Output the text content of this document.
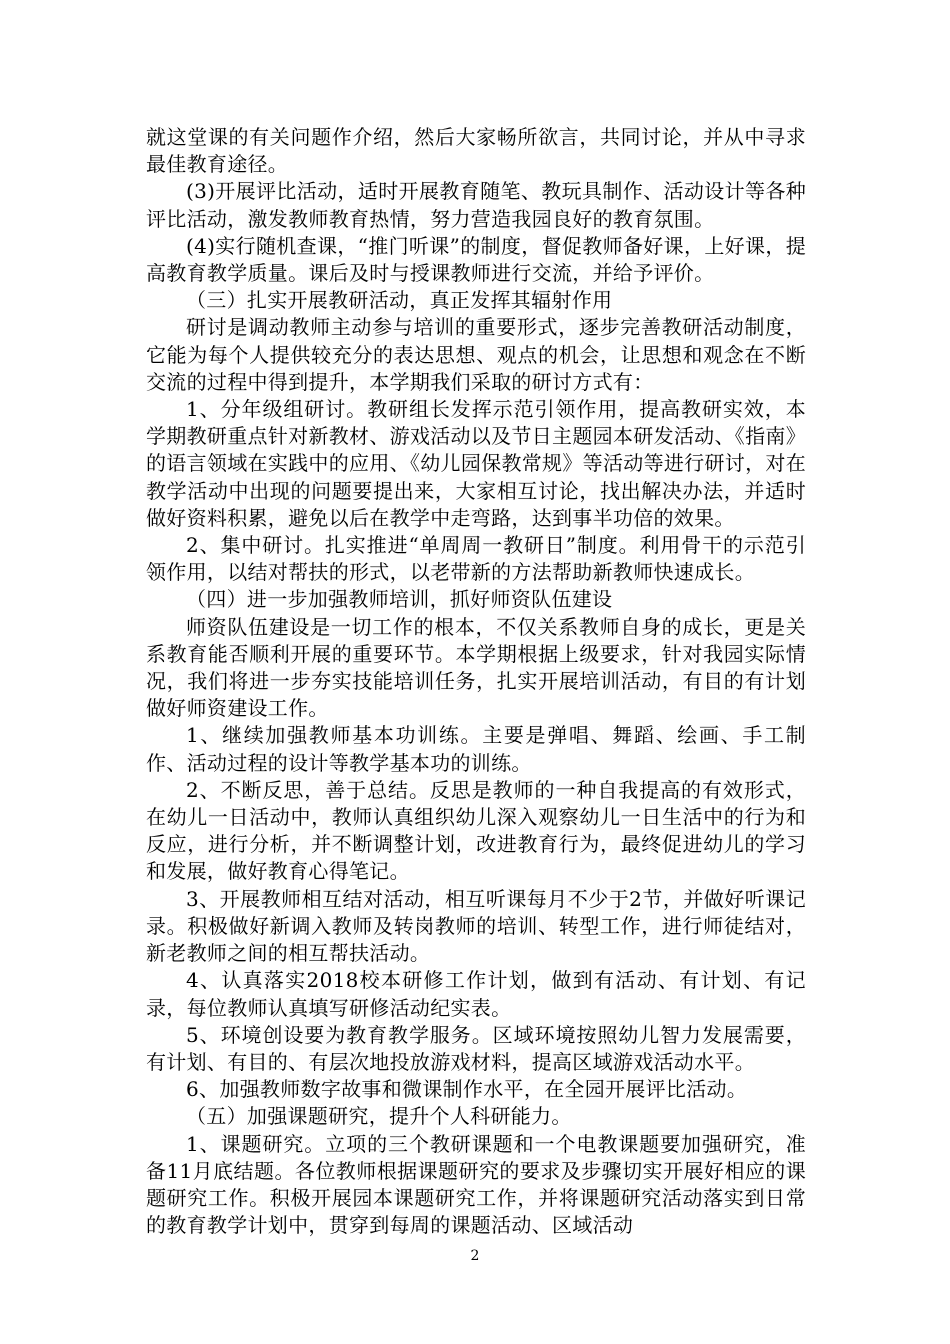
就这堂课的有关问题作介绍，然后大家畅所欲言，共同讨论，并从中寻求最佳教育途径。

(3)开展评比活动，适时开展教育随笔、教玩具制作、活动设计等各种评比活动，激发教师教育热情，努力营造我园良好的教育氛围。

(4)实行随机查课，“推门听课”的制度，督促教师备好课，上好课，提高教育教学质量。课后及时与授课教师进行交流，并给予评价。

（三）扎实开展教研活动，真正发挥其辐射作用

研讨是调动教师主动参与培训的重要形式，逐步完善教研活动制度，它能为每个人提供较充分的表达思想、观点的机会，让思想和观念在不断交流的过程中得到提升，本学期我们采取的研讨方式有：

1、分年级组研讨。教研组长发挥示范引领作用，提高教研实效，本学期教研重点针对新教材、游戏活动以及节日主题园本研发活动、《指南》的语言领域在实践中的应用、《幼儿园保教常规》等活动等进行研讨，对在教学活动中出现的问题要提出来，大家相互讨论，找出解决办法，并适时做好资料积累，避免以后在教学中走弯路，达到事半功倍的效果。

2、集中研讨。扎实推进“单周周一教研日”制度。利用骨干的示范引领作用，以结对帮扶的形式，以老带新的方法帮助新教师快速成长。

（四）进一步加强教师培训，抓好师资队伍建设

师资队伍建设是一切工作的根本，不仅关系教师自身的成长，更是关系教育能否顺利开展的重要环节。本学期根据上级要求，针对我园实际情况，我们将进一步夯实技能培训任务，扎实开展培训活动，有目的有计划做好师资建设工作。

1、继续加强教师基本功训练。主要是弹唱、舞蹈、绘画、手工制作、活动过程的设计等教学基本功的训练。

2、不断反思，善于总结。反思是教师的一种自我提高的有效形式，在幼儿一日活动中，教师认真组织幼儿深入观察幼儿一日生活中的行为和反应，进行分析，并不断调整计划，改进教育行为，最终促进幼儿的学习和发展，做好教育心得笔记。

3、开展教师相互结对活动，相互听课每月不少于2节，并做好听课记录。积极做好新调入教师及转岗教师的培训、转型工作，进行师徒结对，新老教师之间的相互帮扶活动。

4、认真落实2018校本研修工作计划，做到有活动、有计划、有记录，每位教师认真填写研修活动纪实表。

5、环境创设要为教育教学服务。区域环境按照幼儿智力发展需要，有计划、有目的、有层次地投放游戏材料，提高区域游戏活动水平。

6、加强教师数字故事和微课制作水平，在全园开展评比活动。

（五）加强课题研究，提升个人科研能力。

1、课题研究。立项的三个教研课题和一个电教课题要加强研究，准备11月底结题。各位教师根据课题研究的要求及步骤切实开展好相应的课题研究工作。积极开展园本课题研究工作，并将课题研究活动落实到日常的教育教学计划中，贯穿到每周的课题活动、区域活动

2
